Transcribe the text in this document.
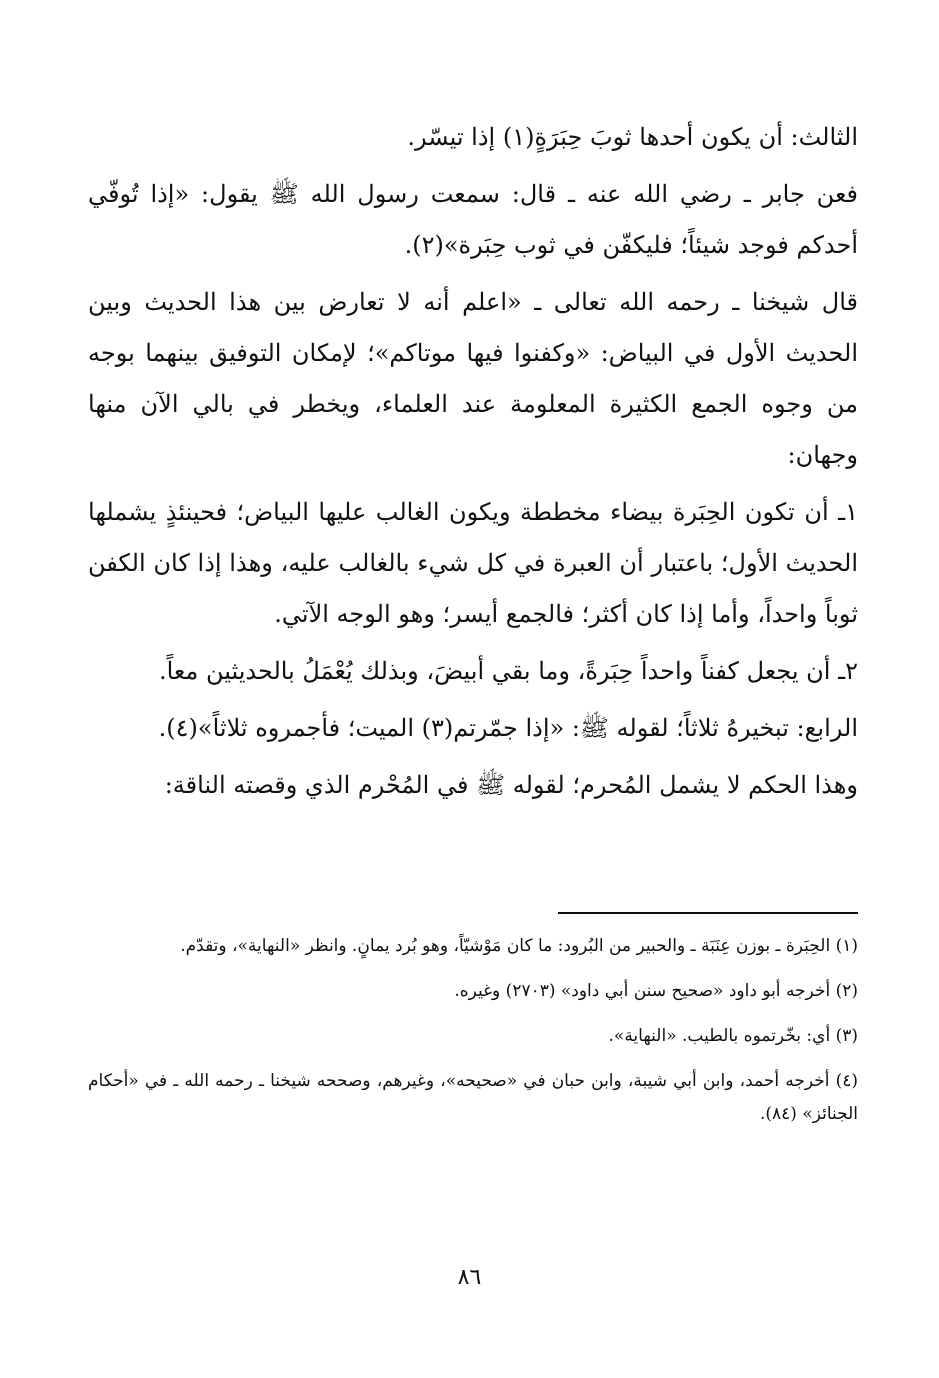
الثالث: أن يكون أحدها ثوبَ حِبَرَةٍ(١) إذا تيسّر.

فعن جابر ـ رضي الله عنه ـ قال: سمعت رسول الله ﷺ يقول: «إذا تُوفّي أحدكم فوجد شيئاً؛ فليكفّن في ثوب حِبَرة»(٢).

قال شيخنا ـ رحمه الله تعالى ـ «اعلم أنه لا تعارض بين هذا الحديث وبين الحديث الأول في البياض: «وكفنوا فيها موتاكم»؛ لإمكان التوفيق بينهما بوجه من وجوه الجمع الكثيرة المعلومة عند العلماء، ويخطر في بالي الآن منها وجهان:

١ـ أن تكون الحِبَرة بيضاء مخططة ويكون الغالب عليها البياض؛ فحينئذٍ يشملها الحديث الأول؛ باعتبار أن العبرة في كل شيء بالغالب عليه، وهذا إذا كان الكفن ثوباً واحداً، وأما إذا كان أكثر؛ فالجمع أيسر؛ وهو الوجه الآتي.

٢ـ أن يجعل كفناً واحداً حِبَرةً، وما بقي أبيضَ، وبذلك يُعْمَلُ بالحديثين معاً.

الرابع: تبخيرهُ ثلاثاً؛ لقوله ﷺ: «إذا جمّرتم(٣) الميت؛ فأجمروه ثلاثاً»(٤).

وهذا الحكم لا يشمل المُحرم؛ لقوله ﷺ في المُحْرم الذي وقصته الناقة:

(١) الحِبَرة ـ بوزن عِنَبَة ـ والحبير من البُرود: ما كان مَوْشيّاً، وهو بُرد يمانٍ. وانظر «النهاية»، وتقدّم.

(٢) أخرجه أبو داود «صحيح سنن أبي داود» (٢٧٠٣) وغيره.

(٣) أي: بخّرتموه بالطيب. «النهاية».

(٤) أخرجه أحمد، وابن أبي شيبة، وابن حبان في «صحيحه»، وغيرهم، وصححه شيخنا ـ رحمه الله ـ في «أحكام الجنائز» (٨٤).

٨٦
